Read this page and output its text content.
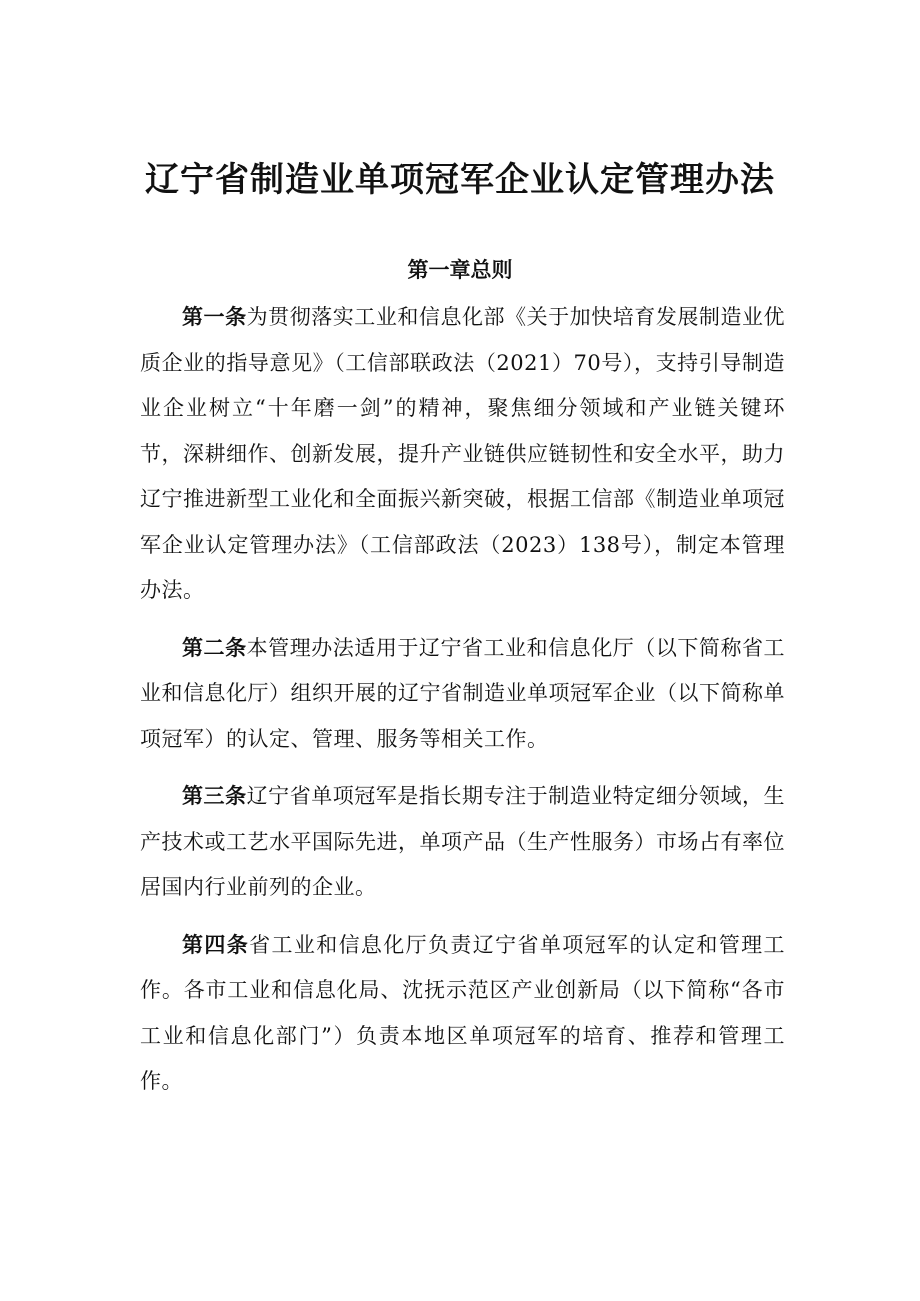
辽宁省制造业单项冠军企业认定管理办法
第一章总则

第一条为贯彻落实工业和信息化部《关于加快培育发展制造业优质企业的指导意见》（工信部联政法（2021）70号），支持引导制造业企业树立“十年磨一剑”的精神，聚焦细分领域和产业链关键环节，深耕细作、创新发展，提升产业链供应链韧性和安全水平，助力辽宁推进新型工业化和全面振兴新突破，根据工信部《制造业单项冠军企业认定管理办法》（工信部政法（2023）138号），制定本管理办法。

第二条本管理办法适用于辽宁省工业和信息化厅（以下简称省工业和信息化厅）组织开展的辽宁省制造业单项冠军企业（以下简称单项冠军）的认定、管理、服务等相关工作。

第三条辽宁省单项冠军是指长期专注于制造业特定细分领域，生产技术或工艺水平国际先进，单项产品（生产性服务）市场占有率位居国内行业前列的企业。

第四条省工业和信息化厅负责辽宁省单项冠军的认定和管理工作。各市工业和信息化局、沈抚示范区产业创新局（以下简称“各市工业和信息化部门”）负责本地区单项冠军的培育、推荐和管理工作。
